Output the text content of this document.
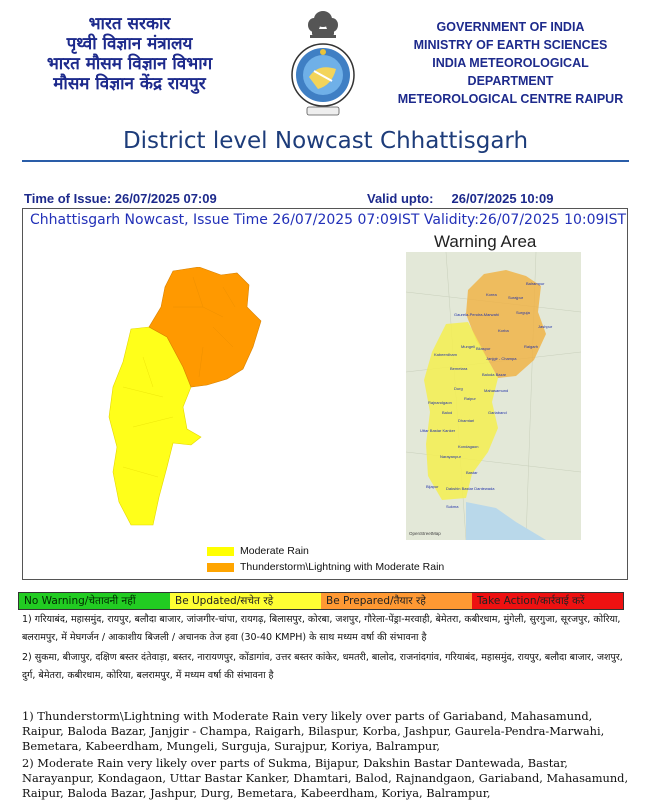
भारत सरकार
पृथ्वी विज्ञान मंत्रालय
भारत मौसम विज्ञान विभाग
मौसम विज्ञान केंद्र रायपुर
GOVERNMENT OF INDIA
MINISTRY OF EARTH SCIENCES
INDIA METEOROLOGICAL DEPARTMENT
METEOROLOGICAL CENTRE RAIPUR
District level Nowcast Chhattisgarh
Time of Issue: 26/07/2025 07:09	Valid upto:     26/07/2025 10:09
Chhattisgarh Nowcast, Issue Time 26/07/2025 07:09IST Validity:26/07/2025 10:09IST
Warning Area
Balrampur
Korea
Surajpur
Gaurela-Pendra-Marwahi	Surguja
Korba
Jashpur
Mungeli Bilaspur	Raigarh
Kabeerdham
Janjgir - Champa
Bemetara
Baloda Bazar
Durg	Mahasamund
Rajnandgaon
Raipur
Balod	Gariaband
Dhamtari
Uttar Bastar Kanker
Kondagaon
Narayanpur
Bastar
Bijapur Dakshin Bastar Dantewada
Sukma
OpenStreetMap
Moderate Rain
Thunderstorm\Lightning with Moderate Rain
No Warning/चेतावनी नहीं	Be Updated/सचेत रहे	Be Prepared/तैयार रहे	Take Action/कार्रवाई करें

1) गरियाबंद, महासमुंद, रायपुर, बलौदा बाजार, जांजगीर-चांपा, रायगढ़, बिलासपुर, कोरबा, जशपुर, गौरेला-पेंड्रा-मरवाही, बेमेतरा, कबीरधाम, मुंगेली, सुरगुजा, सूरजपुर, कोरिया, बलरामपुर, में मेघगर्जन / आकाशीय बिजली / अचानक तेज हवा (30-40 KMPH) के साथ मध्यम वर्षा की संभावना है

2) सुकमा, बीजापुर, दक्षिण बस्तर दंतेवाड़ा, बस्तर, नारायणपुर, कोंडागांव, उत्तर बस्तर कांकेर, धमतरी, बालोद, राजनांदगांव, गरियाबंद, महासमुंद, रायपुर, बलौदा बाजार, जशपुर, दुर्ग, बेमेतरा, कबीरधाम, कोरिया, बलरामपुर, में मध्यम वर्षा की संभावना है

1) Thunderstorm\Lightning with Moderate Rain very likely over parts of Gariaband, Mahasamund, Raipur, Baloda Bazar, Janjgir - Champa, Raigarh, Bilaspur, Korba, Jashpur, Gaurela-Pendra-Marwahi, Bemetara, Kabeerdham, Mungeli, Surguja, Surajpur, Koriya, Balrampur,

2) Moderate Rain very likely over parts of Sukma, Bijapur, Dakshin Bastar Dantewada, Bastar, Narayanpur, Kondagaon, Uttar Bastar Kanker, Dhamtari, Balod, Rajnandgaon, Gariaband, Mahasamund, Raipur, Baloda Bazar, Jashpur, Durg, Bemetara, Kabeerdham, Koriya, Balrampur,
